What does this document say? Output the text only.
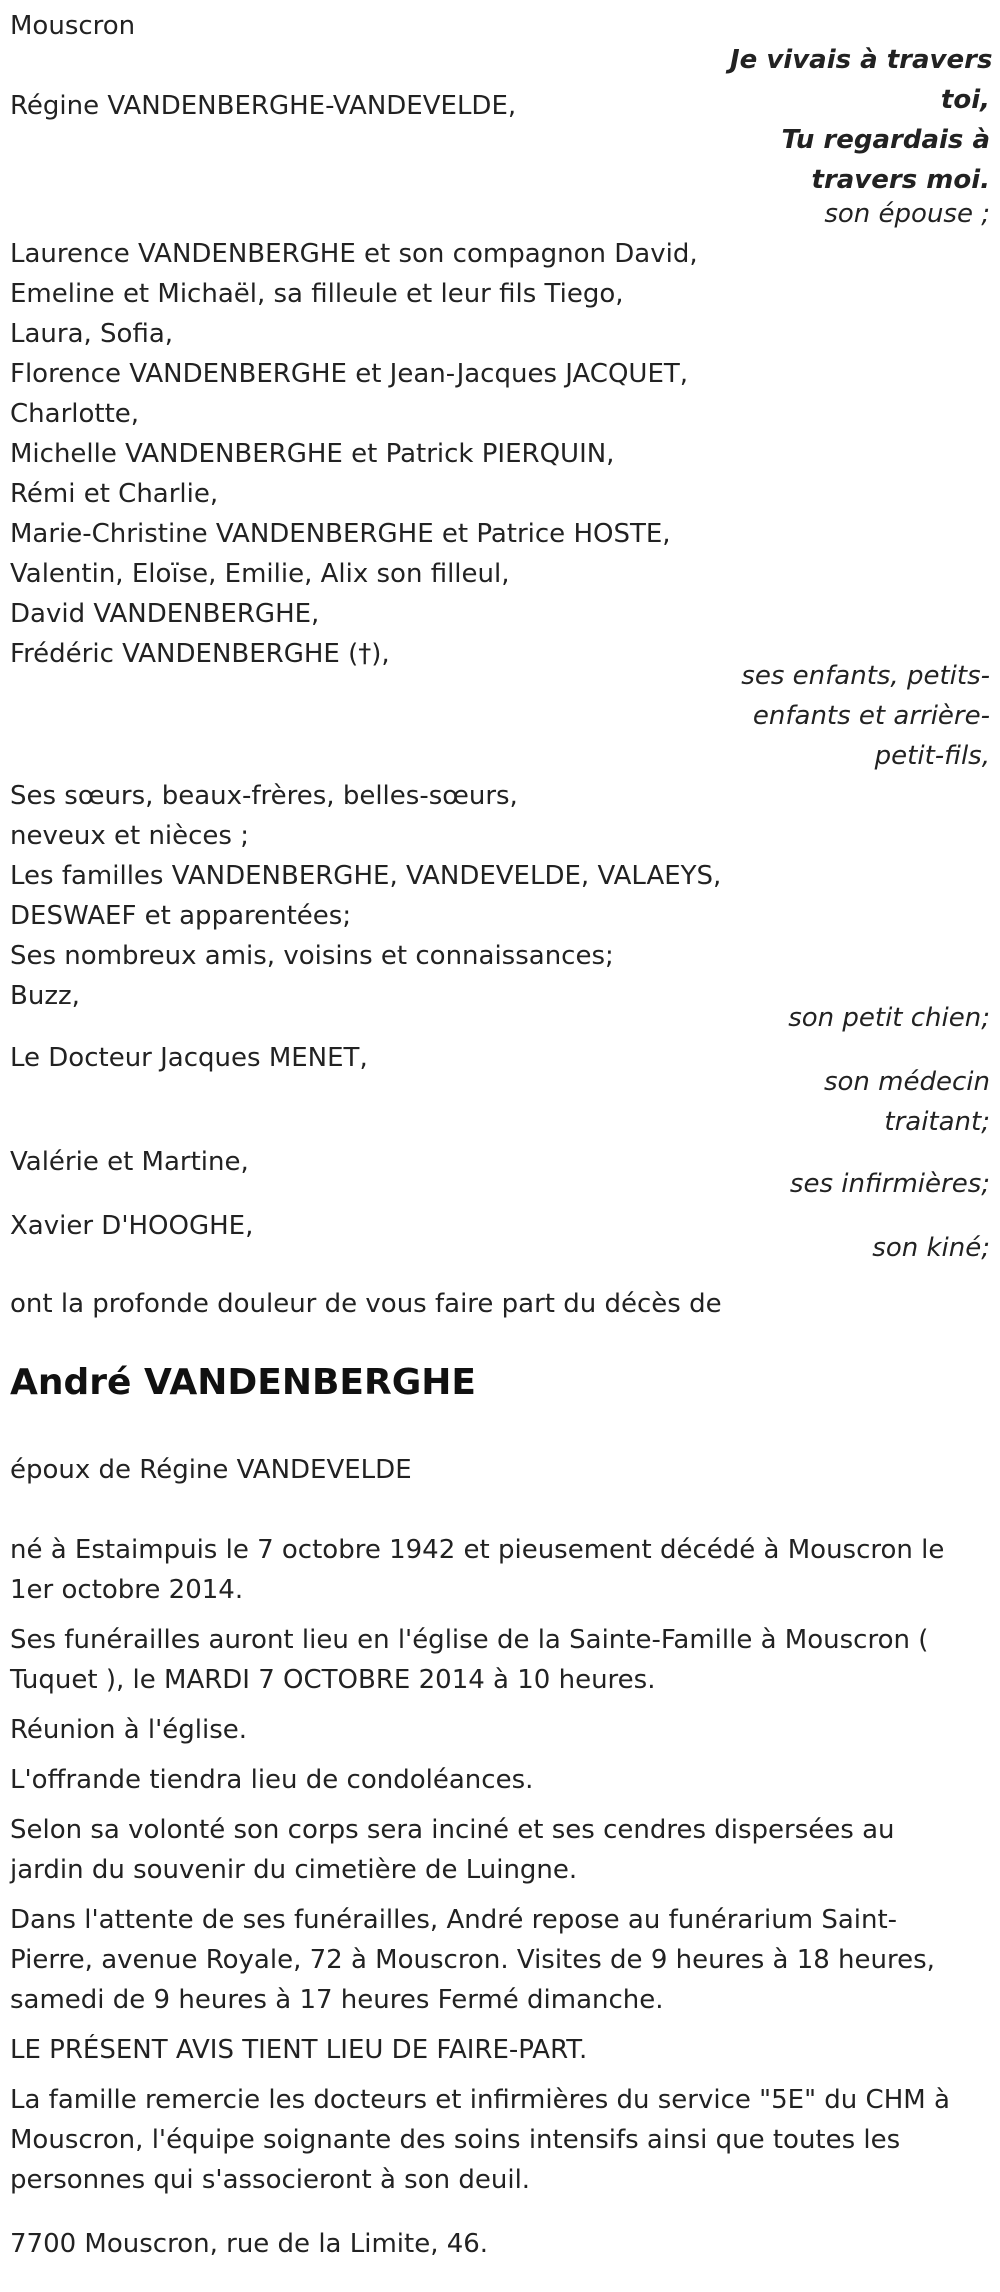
Mouscron
Je vivais à travers
toi,
Tu regardais à
travers moi.
Régine VANDENBERGHE-VANDEVELDE,
son épouse ;
Laurence VANDENBERGHE et son compagnon David,
Emeline et Michaël, sa filleule et leur fils Tiego,
Laura, Sofia,
Florence VANDENBERGHE et Jean-Jacques JACQUET,
Charlotte,
Michelle VANDENBERGHE et Patrick PIERQUIN,
Rémi et Charlie,
Marie-Christine VANDENBERGHE et Patrice HOSTE,
Valentin, Eloïse, Emilie, Alix son filleul,
David VANDENBERGHE,
Frédéric VANDENBERGHE (†),
ses enfants, petits-
enfants et arrière-
petit-fils,
Ses sœurs, beaux-frères, belles-sœurs,
neveux et nièces ;
Les familles VANDENBERGHE, VANDEVELDE, VALAEYS,
DESWAEF et apparentées;
Ses nombreux amis, voisins et connaissances;
Buzz,
son petit chien;
Le Docteur Jacques MENET,
son médecin
traitant;
Valérie et Martine,
ses infirmières;
Xavier D'HOOGHE,
son kiné;
ont la profonde douleur de vous faire part du décès de
André VANDENBERGHE
époux de Régine VANDEVELDE
né à Estaimpuis le 7 octobre 1942 et pieusement décédé à Mouscron le
1er octobre 2014.
Ses funérailles auront lieu en l'église de la Sainte-Famille à Mouscron (
Tuquet ), le MARDI 7 OCTOBRE 2014 à 10 heures.
Réunion à l'église.
L'offrande tiendra lieu de condoléances.
Selon sa volonté son corps sera inciné et ses cendres dispersées au
jardin du souvenir du cimetière de Luingne.
Dans l'attente de ses funérailles, André repose au funérarium Saint-
Pierre, avenue Royale, 72 à Mouscron. Visites de 9 heures à 18 heures,
samedi de 9 heures à 17 heures Fermé dimanche.
LE PRÉSENT AVIS TIENT LIEU DE FAIRE-PART.
La famille remercie les docteurs et infirmières du service "5E" du CHM à
Mouscron, l'équipe soignante des soins intensifs ainsi que toutes les
personnes qui s'associeront à son deuil.
7700 Mouscron, rue de la Limite, 46.
